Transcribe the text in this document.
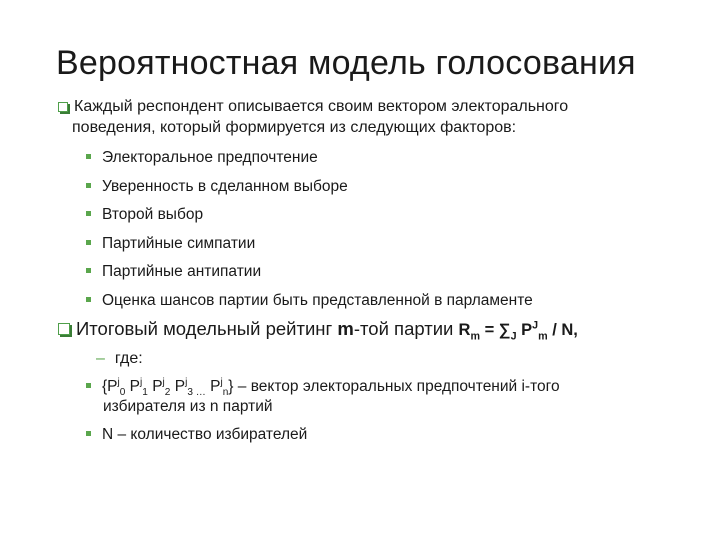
Вероятностная модель голосования
Каждый респондент описывается своим вектором электорального
поведения, который формируется из следующих факторов:
Электоральное предпочтение
Уверенность в сделанном выборе
Второй выбор
Партийные симпатии
Партийные антипатии
Оценка шансов партии быть представленной в парламенте
Итоговый модельный рейтинг m-той партии $R_m = \sum_J$ $P^J_m$ / N,
– где:
{$P^j_0$ $P^j_1$ $P^j_2$ $P^j_{3 \dots}$ $P^j_n$} – вектор электоральных предпочтений i-того
избирателя из n партий
N – количество избирателей
